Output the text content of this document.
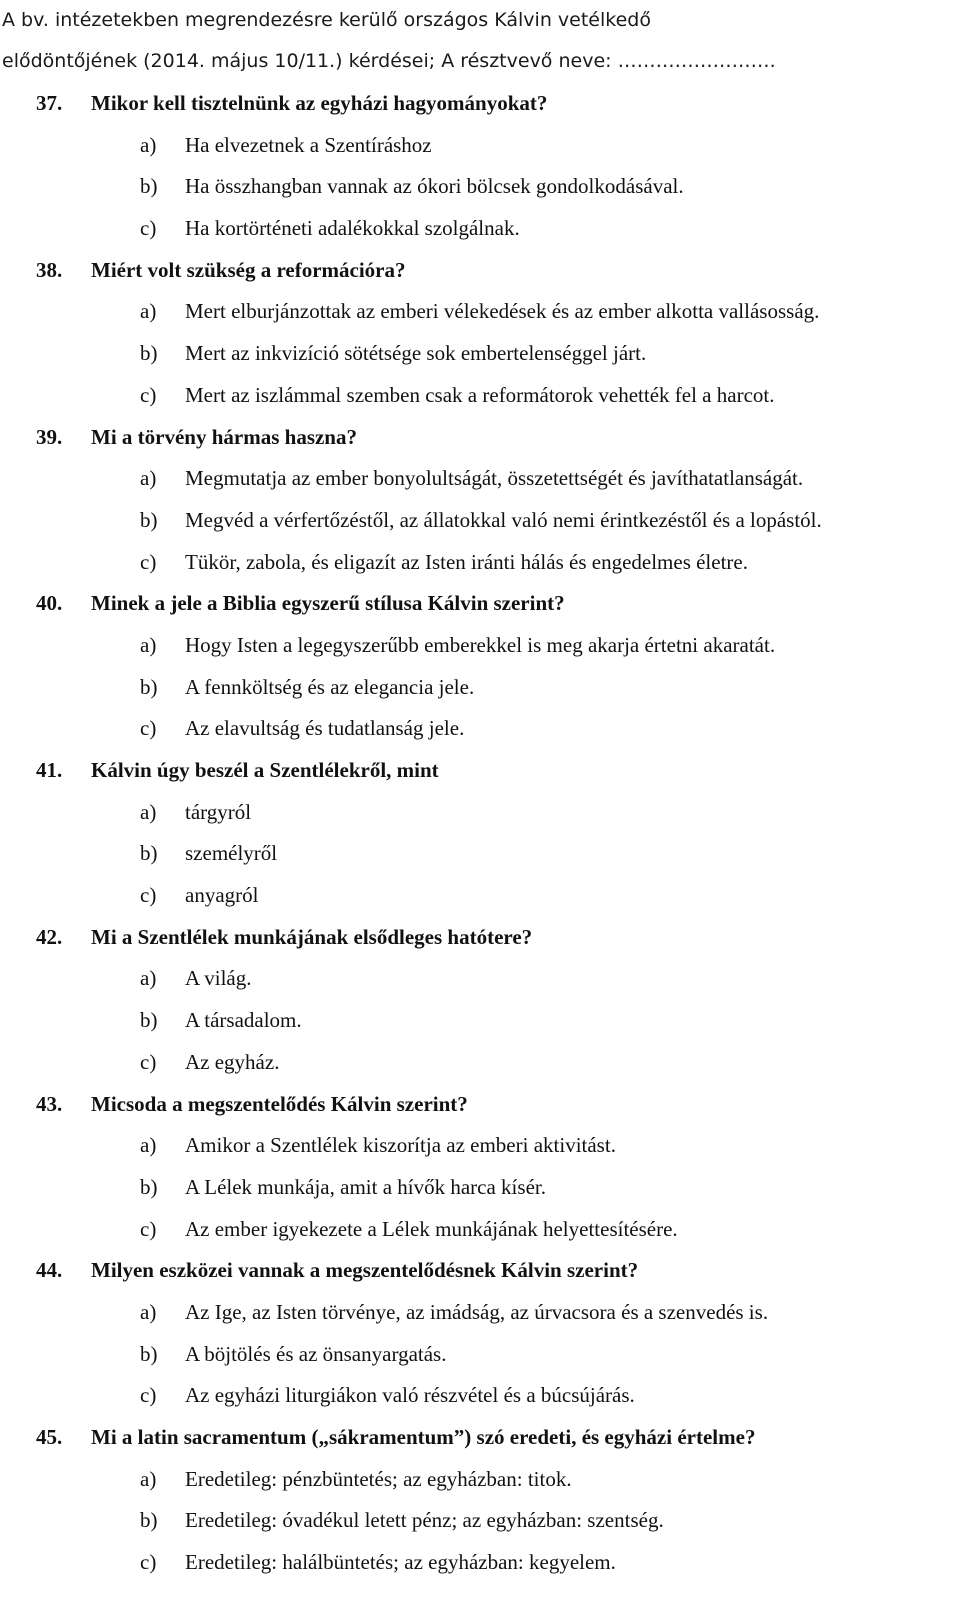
A bv. intézetekben megrendezésre kerülő országos Kálvin vetélkedő
elődöntőjének (2014. május 10/11.) kérdései; A résztvevő neve: …………………….
37. Mikor kell tisztelnünk az egyházi hagyományokat?
a) Ha elvezetnek a Szentíráshoz
b) Ha összhangban vannak az ókori bölcsek gondolkodásával.
c) Ha kortörténeti adalékokkal szolgálnak.
38. Miért volt szükség a reformációra?
a) Mert elburjánzottak az emberi vélekedések és az ember alkotta vallásosság.
b) Mert az inkvizíció sötétsége sok embertelenséggel járt.
c) Mert az iszlámmal szemben csak a reformátorok vehették fel a harcot.
39. Mi a törvény hármas haszna?
a) Megmutatja az ember bonyolultságát, összetettségét és javíthatatlanságát.
b) Megvéd a vérfertőzéstől, az állatokkal való nemi érintkezéstől és a lopástól.
c) Tükör, zabola, és eligazít az Isten iránti hálás és engedelmes életre.
40. Minek a jele a Biblia egyszerű stílusa Kálvin szerint?
a) Hogy Isten a legegyszerűbb emberekkel is meg akarja értetni akaratát.
b) A fennköltség és az elegancia jele.
c) Az elavultság és tudatlanság jele.
41. Kálvin úgy beszél a Szentlélekről, mint
a) tárgyról
b) személyről
c) anyagról
42. Mi a Szentlélek munkájának elsődleges hatótere?
a) A világ.
b) A társadalom.
c) Az egyház.
43. Micsoda a megszentelődés Kálvin szerint?
a) Amikor a Szentlélek kiszorítja az emberi aktivitást.
b) A Lélek munkája, amit a hívők harca kísér.
c) Az ember igyekezete a Lélek munkájának helyettesítésére.
44. Milyen eszközei vannak a megszentelődésnek Kálvin szerint?
a) Az Ige, az Isten törvénye, az imádság, az úrvacsora és a szenvedés is.
b) A böjtölés és az önsanyargatás.
c) Az egyházi liturgiákon való részvétel és a búcsújárás.
45. Mi a latin sacramentum („sákramentum”) szó eredeti, és egyházi értelme?
a) Eredetileg: pénzbüntetés; az egyházban: titok.
b) Eredetileg: óvadékul letett pénz; az egyházban: szentség.
c) Eredetileg: halálbüntetés; az egyházban: kegyelem.
